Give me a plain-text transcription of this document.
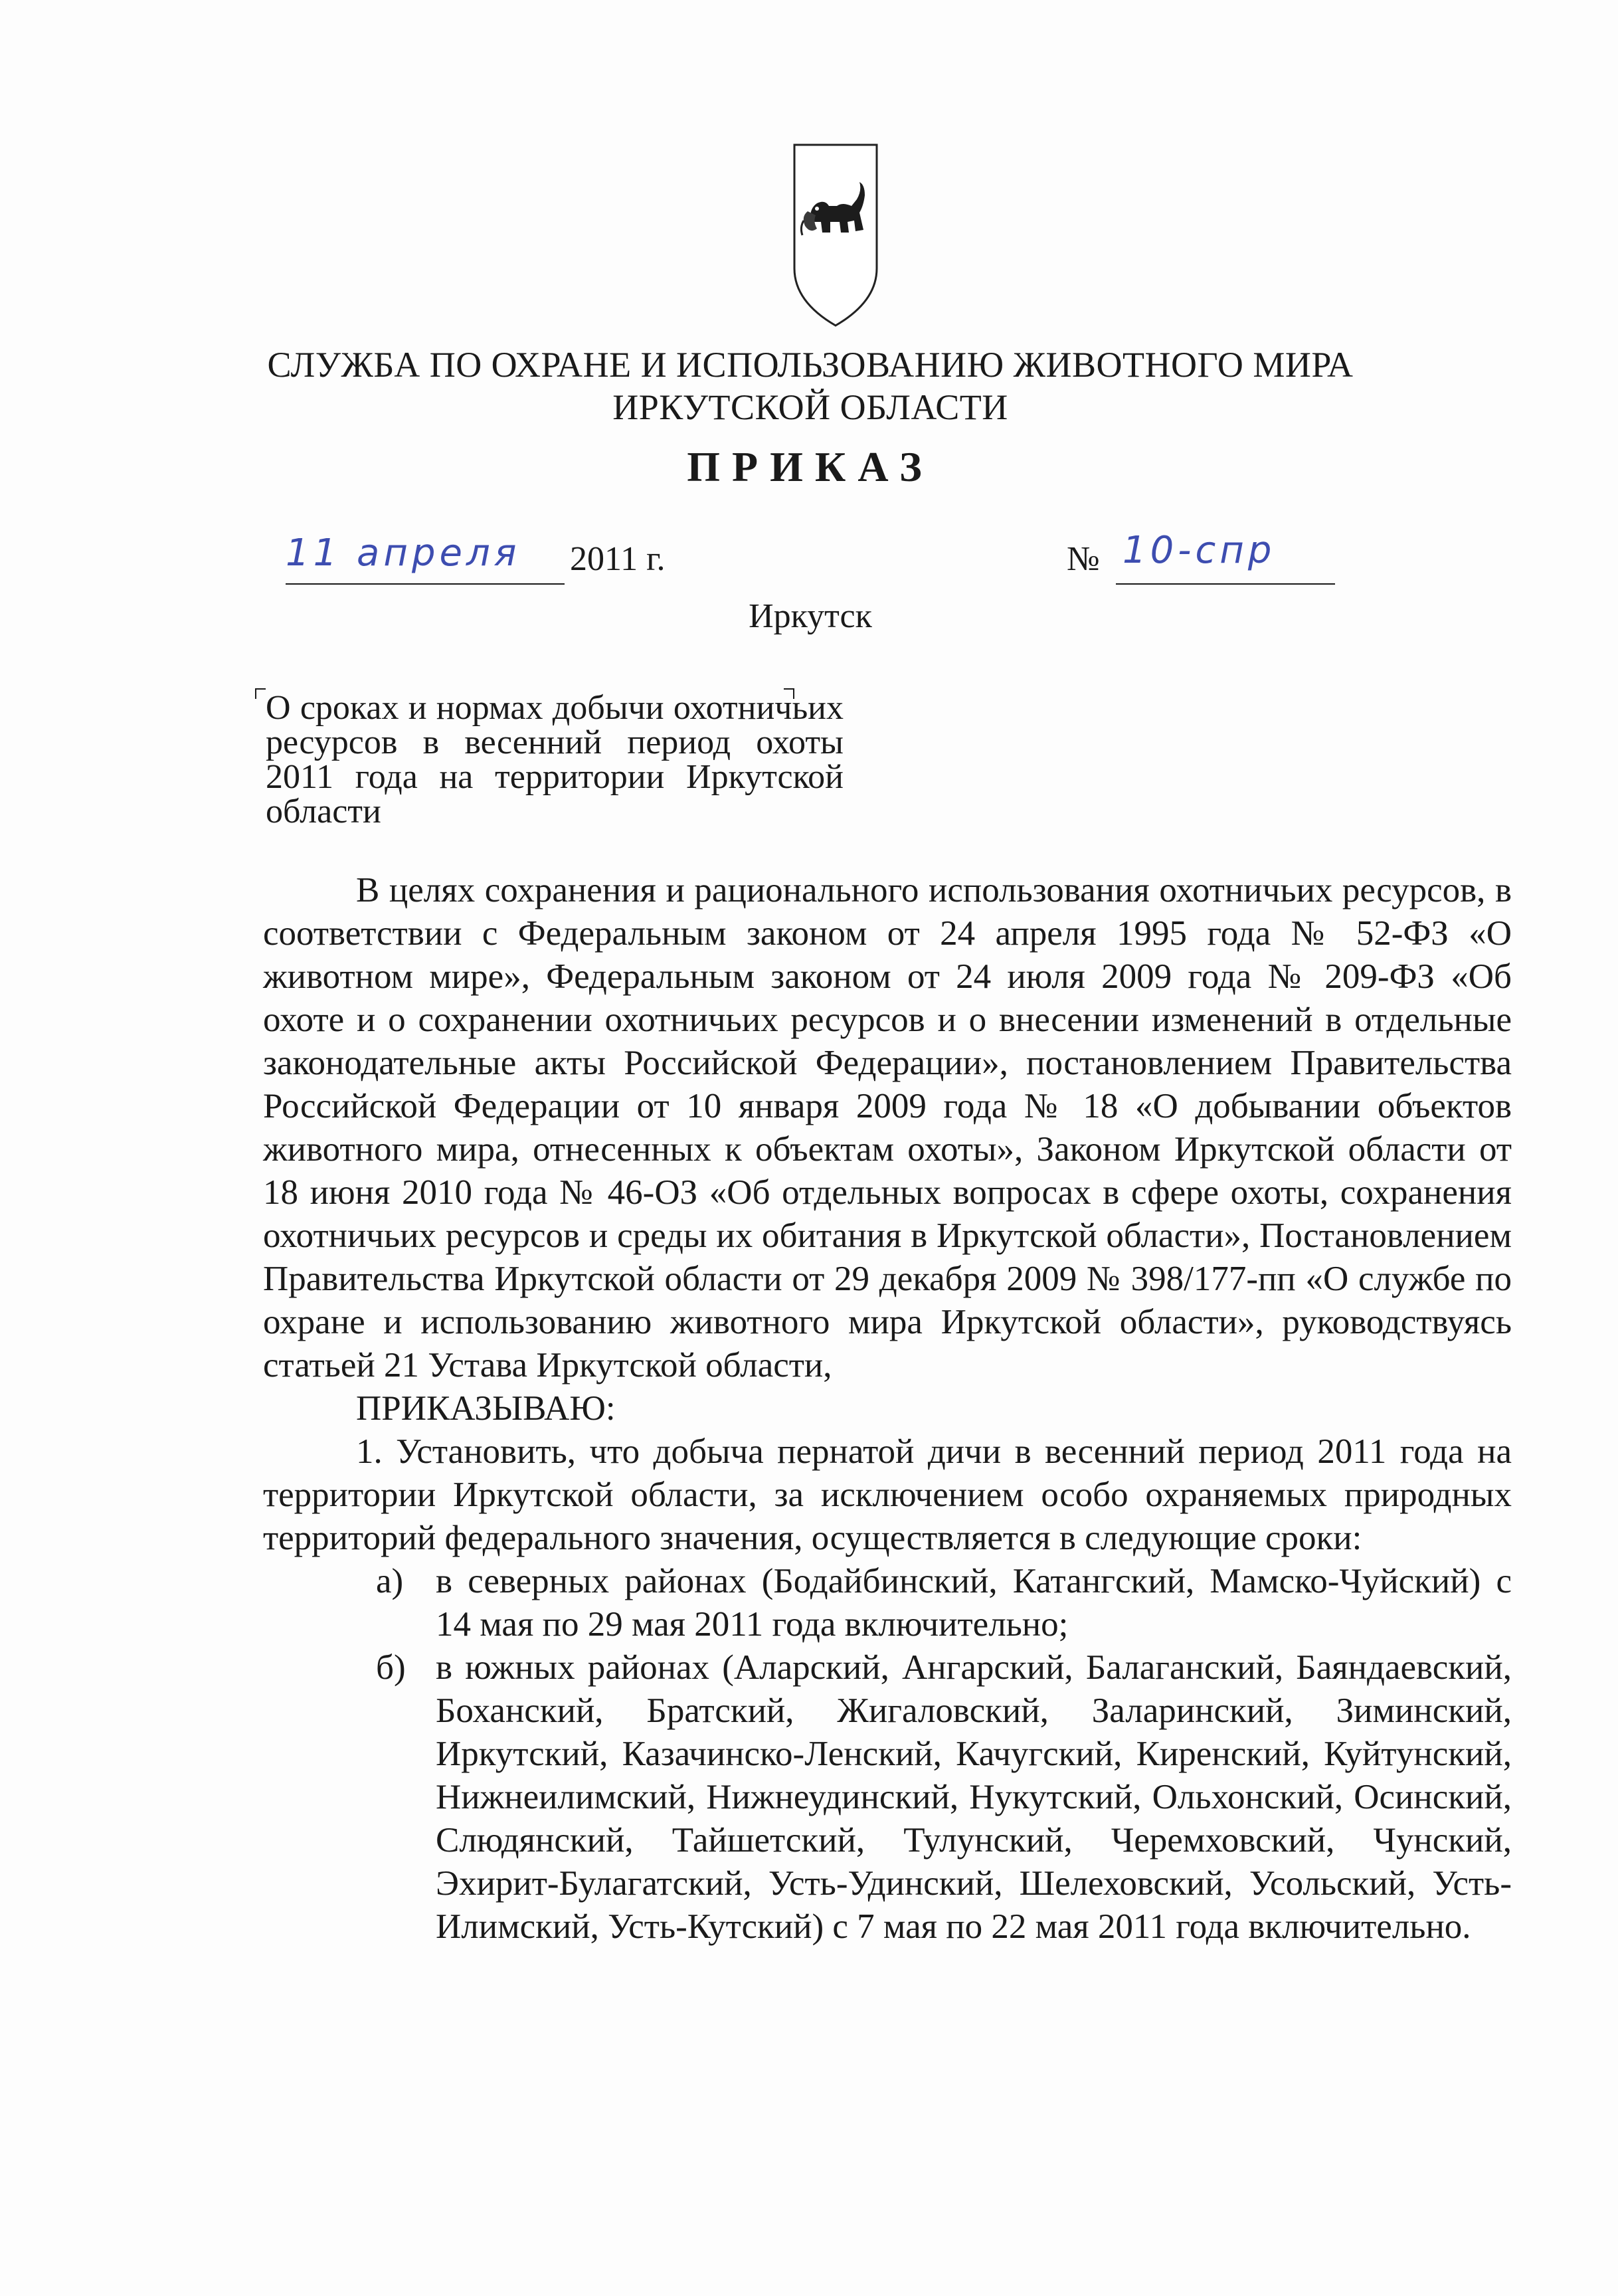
СЛУЖБА ПО ОХРАНЕ И ИСПОЛЬЗОВАНИЮ ЖИВОТНОГО МИРА
ИРКУТСКОЙ ОБЛАСТИ
ПРИКАЗ
11 апреля	2011 г.	№ 10-спр
Иркутск
О сроках и нормах добычи охотничьих ресурсов в весенний период охоты 2011 года на территории Иркутской области

В целях сохранения и рационального использования охотничьих ресурсов, в соответствии с Федеральным законом от 24 апреля 1995 года № 52-ФЗ «О животном мире», Федеральным законом от 24 июля 2009 года № 209-ФЗ «Об охоте и о сохранении охотничьих ресурсов и о внесении изменений в отдельные законодательные акты Российской Федерации», постановлением Правительства Российской Федерации от 10 января 2009 года № 18 «О добывании объектов животного мира, отнесенных к объектам охоты», Законом Иркутской области от 18 июня 2010 года № 46-ОЗ «Об отдельных вопросах в сфере охоты, сохранения охотничьих ресурсов и среды их обитания в Иркутской области», Постановлением Правительства Иркутской области от 29 декабря 2009 № 398/177-пп «О службе по охране и использованию животного мира Иркутской области», руководствуясь статьей 21 Устава Иркутской области,

ПРИКАЗЫВАЮ:

1. Установить, что добыча пернатой дичи в весенний период 2011 года на территории Иркутской области, за исключением особо охраняемых природных территорий федерального значения, осуществляется в следующие сроки:

а) в северных районах (Бодайбинский, Катангский, Мамско-Чуйский) с 14 мая по 29 мая 2011 года включительно;
б) в южных районах (Аларский, Ангарский, Балаганский, Баяндаевский, Боханский, Братский, Жигаловский, Заларинский, Зиминский, Иркутский, Казачинско-Ленский, Качугский, Киренский, Куйтунский, Нижнеилимский, Нижнеудинский, Нукутский, Ольхонский, Осинский, Слюдянский, Тайшетский, Тулунский, Черемховский, Чунский, Эхирит-Булагатский, Усть-Удинский, Шелеховский, Усольский, Усть-Илимский, Усть-Кутский) с 7 мая по 22 мая 2011 года включительно.
